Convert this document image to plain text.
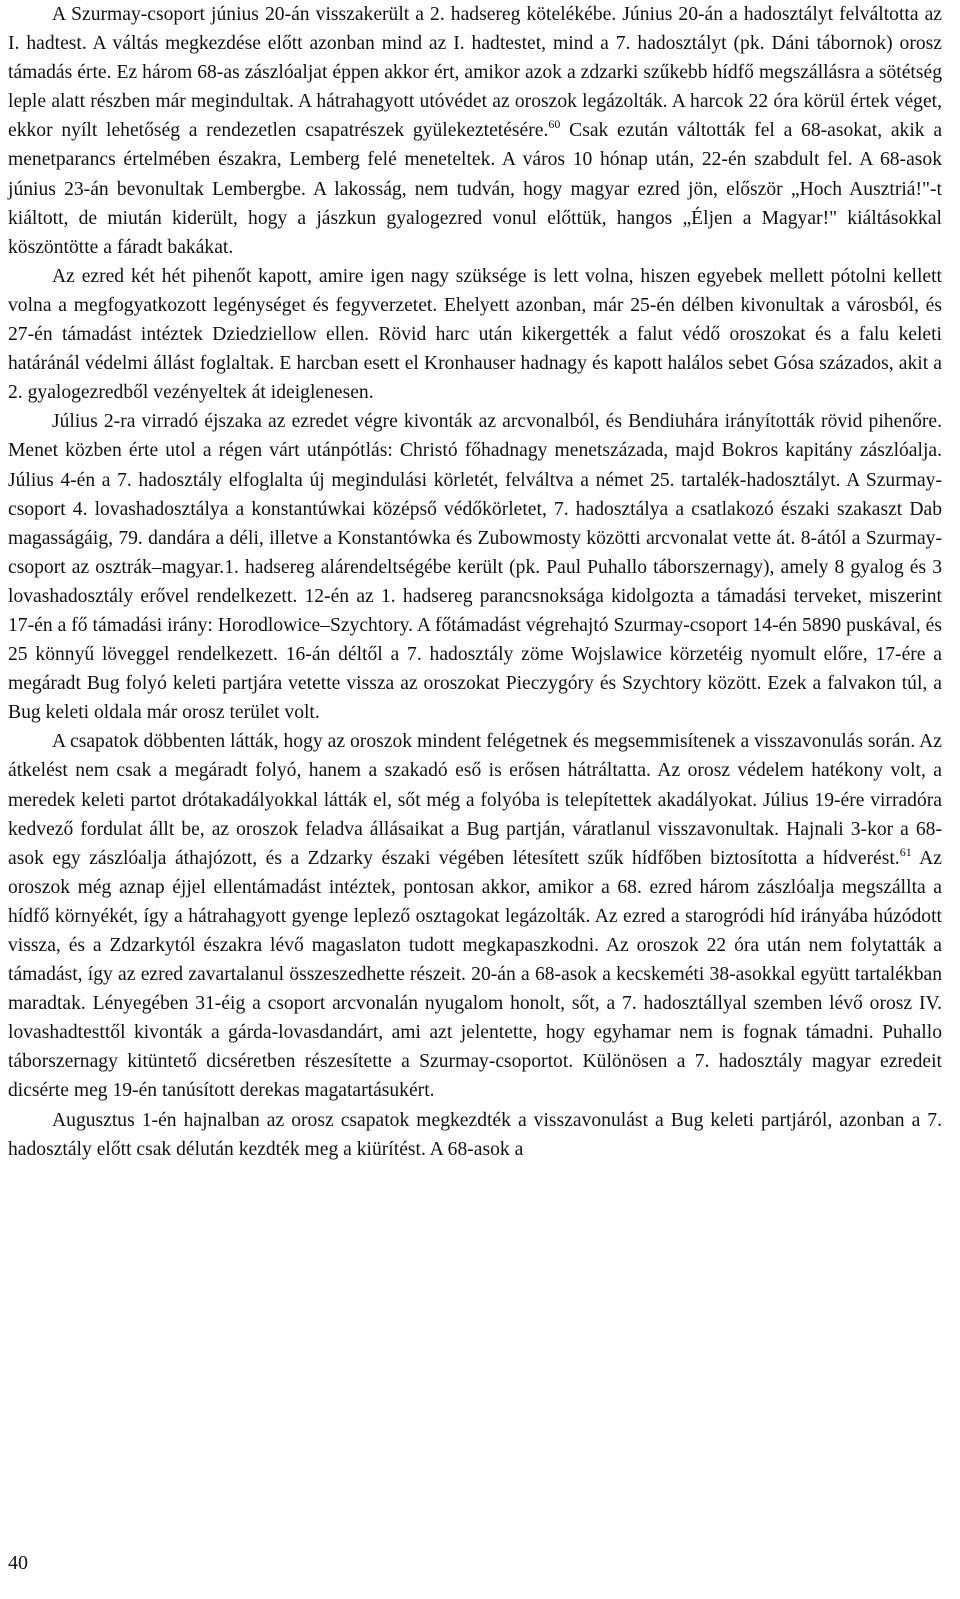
A Szurmay-csoport június 20-án visszakerült a 2. hadsereg kötelékébe. Június 20-án a hadosztályt felváltotta az I. hadtest. A váltás megkezdése előtt azonban mind az I. hadtestet, mind a 7. hadosztályt (pk. Dáni tábornok) orosz támadás érte. Ez három 68-as zászlóaljat éppen akkor ért, amikor azok a zdzarki szűkebb hídfő megszállásra a sötétség leple alatt részben már megindultak. A hátrahagyott utóvédet az oroszok legázolták. A harcok 22 óra körül értek véget, ekkor nyílt lehetőség a rendezetlen csapatrészek gyülekeztetésére.$^{60}$ Csak ezután váltották fel a 68-asokat, akik a menetparancs értelmében északra, Lemberg felé meneteltek. A város 10 hónap után, 22-én szabdult fel. A 68-asok június 23-án bevonultak Lembergbe. A lakosság, nem tudván, hogy magyar ezred jön, először „Hoch Ausztriá!"-t kiáltott, de miután kiderült, hogy a jászkun gyalogezred vonul előttük, hangos „Éljen a Magyar!" kiáltásokkal köszöntötte a fáradt bakákat.

Az ezred két hét pihenőt kapott, amire igen nagy szüksége is lett volna, hiszen egyebek mellett pótolni kellett volna a megfogyatkozott legénységet és fegyverzetet. Ehelyett azonban, már 25-én délben kivonultak a városból, és 27-én támadást intéztek Dziedziellow ellen. Rövid harc után kikergették a falut védő oroszokat és a falu keleti határánál védelmi állást foglaltak. E harcban esett el Kronhauser hadnagy és kapott halálos sebet Gósa százados, akit a 2. gyalogezredből vezényeltek át ideiglenesen.

Július 2-ra virradó éjszaka az ezredet végre kivonták az arcvonalból, és Bendiuhára irányították rövid pihenőre. Menet közben érte utol a régen várt utánpótlás: Christó főhadnagy menetszázada, majd Bokros kapitány zászlóalja. Július 4-én a 7. hadosztály elfoglalta új megindulási körletét, felváltva a német 25. tartalék-hadosztályt. A Szurmay-csoport 4. lovashadosztálya a konstantúwkai középső védőkörletet, 7. hadosztálya a csatlakozó északi szakaszt Dab magasságáig, 79. dandára a déli, illetve a Konstantówka és Zubowmosty közötti arcvonalat vette át. 8-ától a Szurmay-csoport az osztrák–magyar.1. hadsereg alárendeltségébe került (pk. Paul Puhallo táborszernagy), amely 8 gyalog és 3 lovashadosztály erővel rendelkezett. 12-én az 1. hadsereg parancsnoksága kidolgozta a támadási terveket, miszerint 17-én a fő támadási irány: Horodlowice–Szychtory. A főtámadást végrehajtó Szurmay-csoport 14-én 5890 puskával, és 25 könnyű löveggel rendelkezett. 16-án déltől a 7. hadosztály zöme Wojslawice körzetéig nyomult előre, 17-ére a megáradt Bug folyó keleti partjára vetette vissza az oroszokat Pieczygóry és Szychtory között. Ezek a falvakon túl, a Bug keleti oldala már orosz terület volt.

A csapatok döbbenten látták, hogy az oroszok mindent felégetnek és megsemmisítenek a visszavonulás során. Az átkelést nem csak a megáradt folyó, hanem a szakadó eső is erősen hátráltatta. Az orosz védelem hatékony volt, a meredek keleti partot drótakadályokkal látták el, sőt még a folyóba is telepítettek akadályokat. Július 19-ére virradóra kedvező fordulat állt be, az oroszok feladva állásaikat a Bug partján, váratlanul visszavonultak. Hajnali 3-kor a 68-asok egy zászlóalja áthajózott, és a Zdzarky északi végében létesített szűk hídfőben biztosította a hídverést.$^{61}$ Az oroszok még aznap éjjel ellentámadást intéztek, pontosan akkor, amikor a 68. ezred három zászlóalja megszállta a hídfő környékét, így a hátrahagyott gyenge leplező osztagokat legázolták. Az ezred a starogródi híd irányába húzódott vissza, és a Zdzarkytól északra lévő magaslaton tudott megkapaszkodni. Az oroszok 22 óra után nem folytatták a támadást, így az ezred zavartalanul összeszedhette részeit. 20-án a 68-asok a kecskeméti 38-asokkal együtt tartalékban maradtak. Lényegében 31-éig a csoport arcvonalán nyugalom honolt, sőt, a 7. hadosztállyal szemben lévő orosz IV. lovashadtesttől kivonták a gárda-lovasdandárt, ami azt jelentette, hogy egyhamar nem is fognak támadni. Puhallo táborszernagy kitüntető dicséretben részesítette a Szurmay-csoportot. Különösen a 7. hadosztály magyar ezredeit dicsérte meg 19-én tanúsított derekas magatartásukért.

Augusztus 1-én hajnalban az orosz csapatok megkezdték a visszavonulást a Bug keleti partjáról, azonban a 7. hadosztály előtt csak délután kezdték meg a kiürítést. A 68-asok a

40
